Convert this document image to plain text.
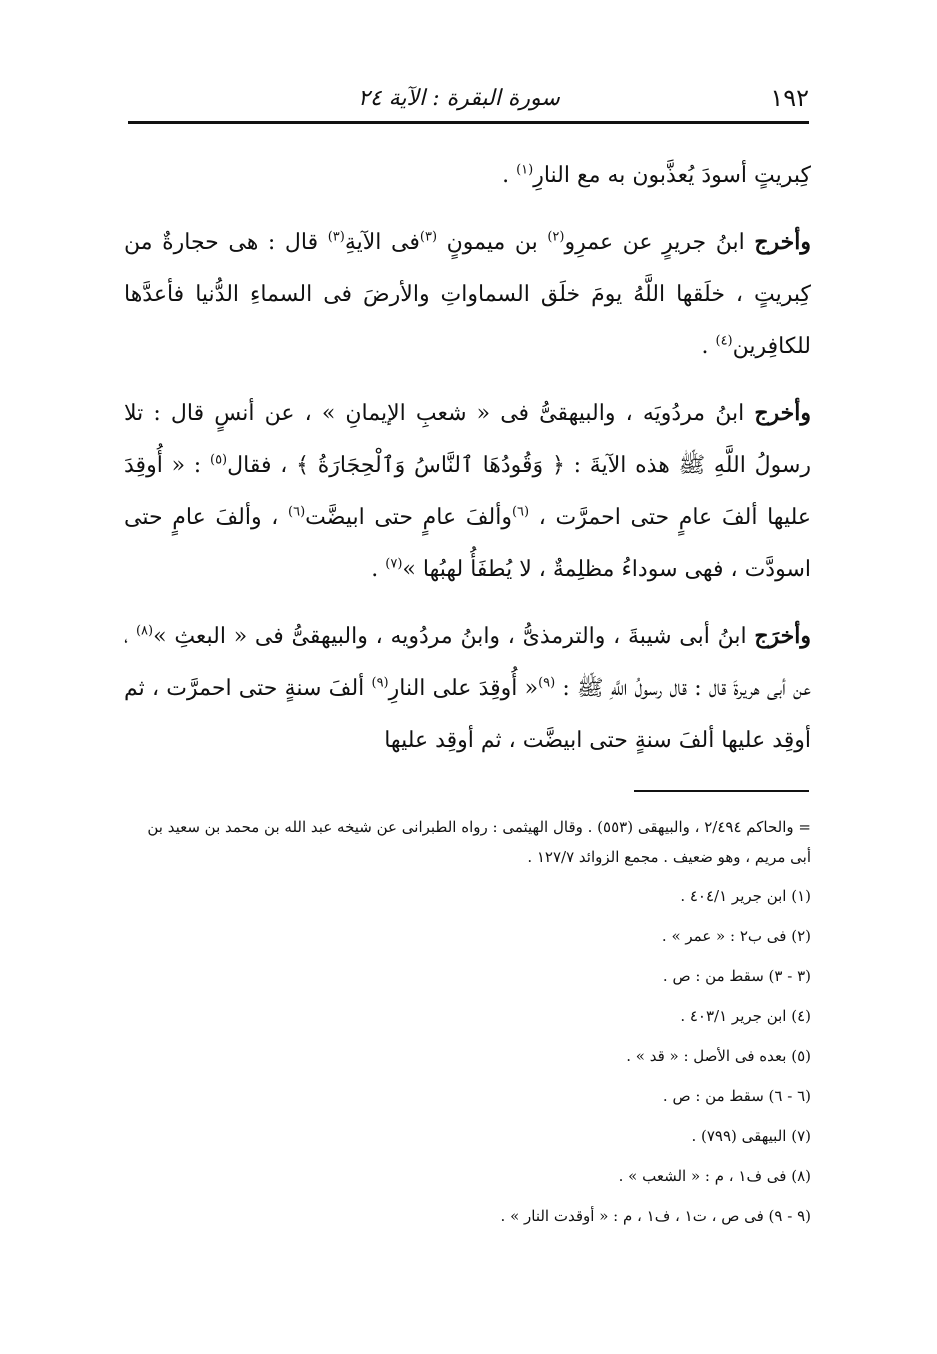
١٩٢
سورة البقرة : الآية ٢٤

كِبريتٍ أسودَ يُعذَّبون به مع النارِ$^{(١)}$ .

وأخرج ابنُ جريرٍ عن عمرِو$^{(٢)}$ بن ميمونٍ $^{(٣)}$فى الآيةِ$^{(٣)}$ قال : هى حجارةٌ من كِبريتٍ ، خلَقها اللَّهُ يومَ خلَق السماواتِ والأرضَ فى السماءِ الدُّنيا فأعدَّها للكافِرين$^{(٤)}$ .

وأخرج ابنُ مردُويَه ، والبيهقىُّ فى « شعبِ الإيمانِ » ، عن أنسٍ قال : تلا رسولُ اللَّهِ ﷺ هذه الآيةَ : ﴿ وَقُودُهَا ٱلنَّاسُ وَٱلْحِجَارَةُ ﴾ ، فقال$^{(٥)}$ : « أُوقِدَ عليها ألفَ عامٍ حتى احمرَّت ، $^{(٦)}$وألفَ عامٍ حتى ابيضَّت$^{(٦)}$ ، وألفَ عامٍ حتى اسودَّت ، فهى سوداءُ مظلِمةٌ ، لا يُطفَأُ لهبُها »$^{(٧)}$ .

وأخرَج ابنُ أبى شيبةَ ، والترمذىُّ ، وابنُ مردُويه ، والبيهقىُّ فى « البعثِ »$^{(٨)}$ ، عن أبى هريرةَ قال : قال رسولُ اللَّهِ ﷺ : $^{(٩)}$« أُوقِدَ على النارِ$^{(٩)}$ ألفَ سنةٍ حتى احمرَّت ، ثم أوقِد عليها ألفَ سنةٍ حتى ابيضَّت ، ثم أوقِد عليها

= والحاكم ٢/٤٩٤ ، والبيهقى (٥٥٣) . وقال الهيثمى : رواه الطبرانى عن شيخه عبد الله بن محمد بن سعيد بن أبى مريم ، وهو ضعيف . مجمع الزوائد ١٢٧/٧ .

(١) ابن جرير ٤٠٤/١ .

(٢) فى ب٢ : « عمر » .

(٣ - ٣) سقط من : ص .

(٤) ابن جرير ٤٠٣/١ .

(٥) بعده فى الأصل : « قد » .

(٦ - ٦) سقط من : ص .

(٧) البيهقى (٧٩٩) .

(٨) فى ف١ ، م : « الشعب » .

(٩ - ٩) فى ص ، ت١ ، ف١ ، م : « أوقدت النار » .
